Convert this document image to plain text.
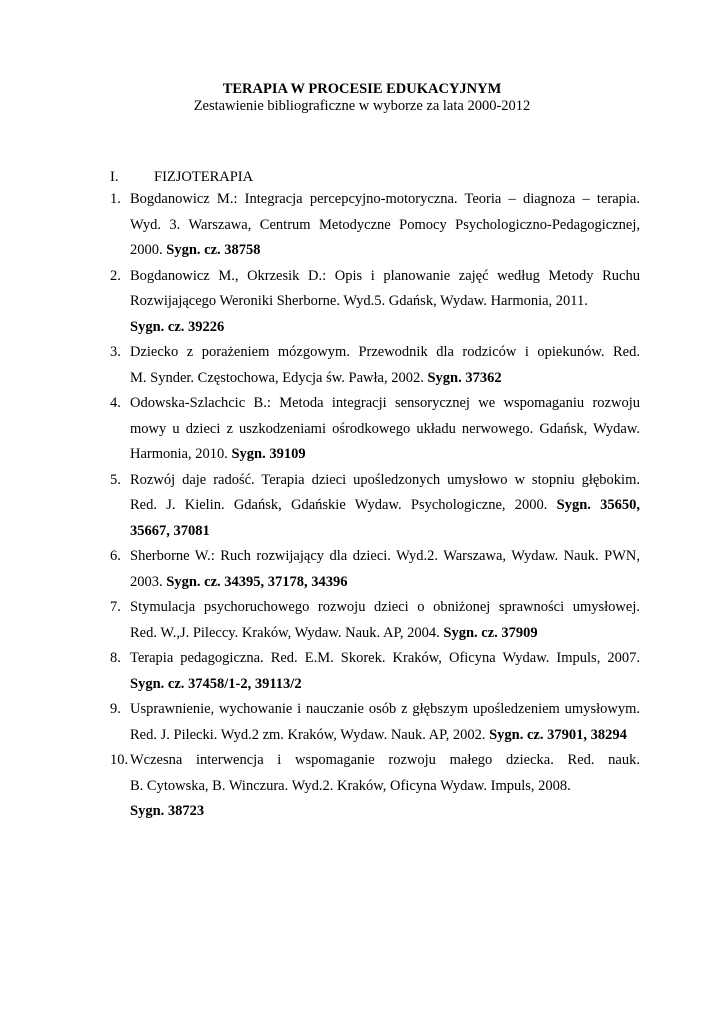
TERAPIA W PROCESIE EDUKACYJNYM
Zestawienie bibliograficzne w wyborze za lata 2000-2012
I. FIZJOTERAPIA
1. Bogdanowicz M.: Integracja percepcyjno-motoryczna. Teoria – diagnoza – terapia.
Wyd. 3. Warszawa, Centrum Metodyczne Pomocy Psychologiczno-Pedagogicznej,
2000. Sygn. cz. 38758
2. Bogdanowicz M., Okrzesik D.: Opis i planowanie zajęć według Metody Ruchu
Rozwijającego Weroniki Sherborne. Wyd.5. Gdańsk, Wydaw. Harmonia, 2011.
Sygn. cz. 39226
3. Dziecko z porażeniem mózgowym. Przewodnik dla rodziców i opiekunów. Red.
M. Synder. Częstochowa, Edycja św. Pawła, 2002. Sygn. 37362
4. Odowska-Szlachcic B.: Metoda integracji sensorycznej we wspomaganiu rozwoju
mowy u dzieci z uszkodzeniami ośrodkowego układu nerwowego. Gdańsk, Wydaw.
Harmonia, 2010. Sygn. 39109
5. Rozwój daje radość. Terapia dzieci upośledzonych umysłowo w stopniu głębokim.
Red. J. Kielin. Gdańsk, Gdańskie Wydaw. Psychologiczne, 2000. Sygn. 35650,
35667, 37081
6. Sherborne W.: Ruch rozwijający dla dzieci. Wyd.2. Warszawa, Wydaw. Nauk. PWN,
2003. Sygn. cz. 34395, 37178, 34396
7. Stymulacja psychoruchowego rozwoju dzieci o obniżonej sprawności umysłowej.
Red. W.,J. Pileccy. Kraków, Wydaw. Nauk. AP, 2004. Sygn. cz. 37909
8. Terapia pedagogiczna. Red. E.M. Skorek. Kraków, Oficyna Wydaw. Impuls, 2007.
Sygn. cz. 37458/1-2, 39113/2
9. Usprawnienie, wychowanie i nauczanie osób z głębszym upośledzeniem umysłowym.
Red. J. Pilecki. Wyd.2 zm. Kraków, Wydaw. Nauk. AP, 2002. Sygn. cz. 37901, 38294
10. Wczesna interwencja i wspomaganie rozwoju małego dziecka. Red. nauk.
B. Cytowska, B. Winczura. Wyd.2. Kraków, Oficyna Wydaw. Impuls, 2008.
Sygn. 38723
